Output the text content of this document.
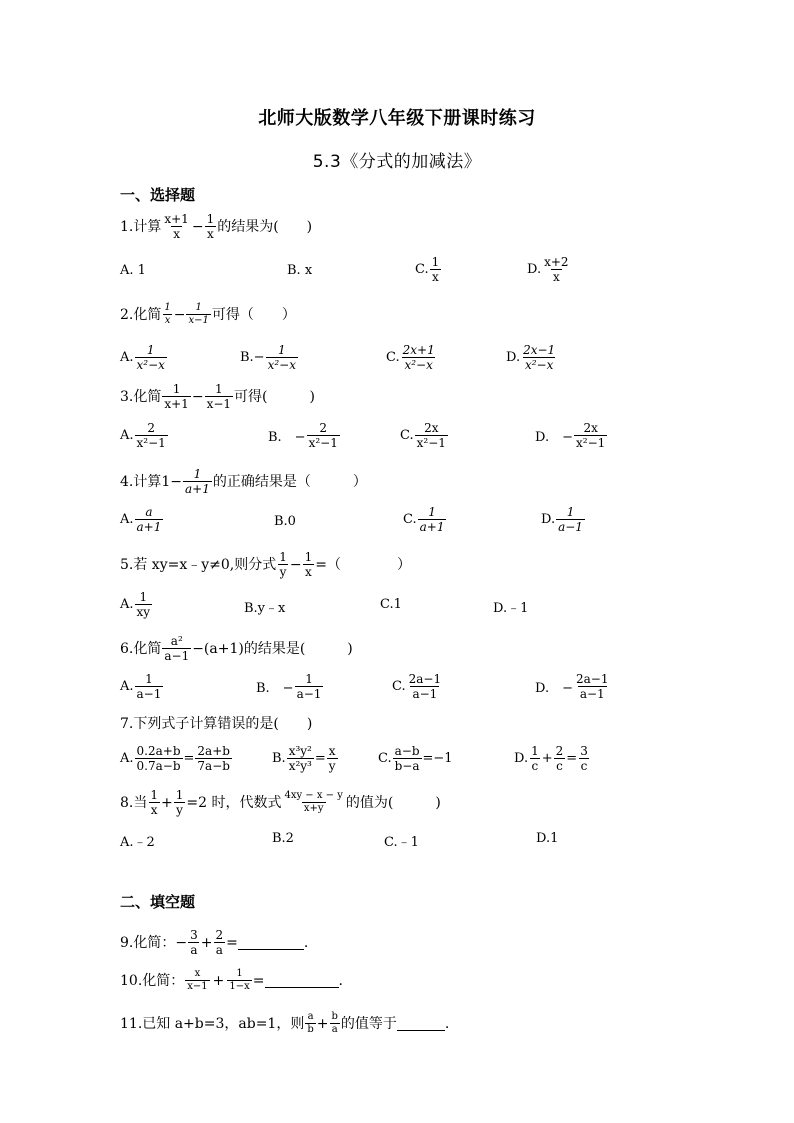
北师大版数学八年级下册课时练习
5.3《分式的加减法》
一、选择题
1.计算 $\frac{x+1}{x} - \frac{1}{x}$ 的结果为(　　)
A. 1	B. x	C. $\frac{1}{x}$	D. $\frac{x+2}{x}$
2.化简 $\frac{1}{x} - \frac{1}{x-1}$ 可得（　　）
A. $\frac{1}{\text{x²−x}}$	$B.- \frac{1}{\text{x²−x}}$	C. $\frac{2x+1}{\text{x²−x}}$	D. $\frac{2x-1}{\text{x²−x}}$
3.化简 $\frac{1}{x+1} - \frac{1}{x-1}$ 可得(　　　)
A. $\frac{2}{\text{x²−1}}$	B.　− $\frac{2}{\text{x²−1}}$	C. $\frac{2x}{\text{x²−1}}$	D.　− $\frac{2x}{\text{x²−1}}$
4.计算$1- \frac{1}{a+1}$ 的正确结果是（　　　）
A. $\frac{a}{a+1}$	B.0	C. $\frac{1}{a+1}$	D. $\frac{1}{a-1}$
5.若 xy=x﹣y≠0,则分式 $\frac{1}{y} - \frac{1}{x}$ =（　　　　）
A. $\frac{1}{xy}$	B.y﹣x	C.1	D.﹣1
6.化简 $\frac{\text{a²}}{a-1} -(a+1)$的结果是(　　　)
A. $\frac{1}{a-1}$	B.　− $\frac{1}{a-1}$	C. $\frac{2a-1}{a-1}$	D.　− $\frac{2a-1}{a-1}$
7.下列式子计算错误的是(　　)
A. $\frac{0.2a+b}{0.7a-b} = \frac{2a+b}{7a-b}$	B. $\frac{\text{x³y²}}{\text{x²y³}} = \frac{x}{y}$	C. $\frac{a-b}{b-a} =-1$	D. $\frac{1}{c} + \frac{2}{c} = \frac{3}{c}$
8.当 $\frac{1}{x} + \frac{1}{y} =2$ 时，代数式 $\frac{4xy - x - y}{x+y}$ 的值为(　　　)
A.﹣2	B.2	C.﹣1	D.1
二、填空题
9.化简：− $\frac{3}{a} + \frac{2}{a}$ =	.
10.化简： $\frac{x}{x-1} + \frac{1}{1-x}$ =	.
11.已知 a+b=3，ab=1，则 $\frac{a}{b} + \frac{b}{a}$ 的值等于	.
